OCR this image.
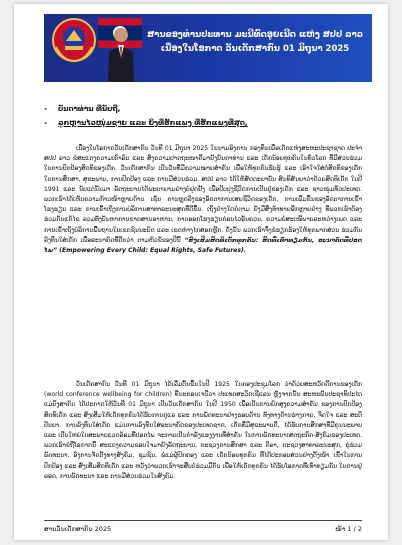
ສານຂອງທ່ານປະທານ ມະນີທົດອູຍເນີດ ແຫ່ງ ສປປ ລາວ
ເນື່ອງໃນໂອກາດ ວັນເດັກສາກົນ 01 ມິຖຸນາ 2025
- ບັນດາທ່ານ ທີ່ນັບຖື,
- ລູກຫຼານໄວໜຸ່ມຊາຍ ແລະ ຍິງທີ່ຮັກແພງ ທີ່ຮັກແພງທີ່ສຸດ,
ເນື່ອງໃນໂອກາດວັນເດັກສາກົນ ວັນທີ 01 ມິຖຸນາ 2025 ໃນນາມອົງການ ກອງທຶນເພື່ອເດັກແຫ່ງສະຫະປະຊາຊາດ ປະຈຳ ສປປ ລາວ ຂໍສະແດງຄວາມເຄົາລົບ ແລະ ສົ່ງຄວາມປາດຖະໜາດີມາຍັງບັນດາທ່ານ ແລະ ເດັກນ້ອຍທຸກຄົນໃນທົ່ວໂລກ ທີ່ມີສ່ວນຮ່ວມໃນການປົກປ້ອງສິດທິຂອງເດັກ. ວັນເດັກສາກົນ ເປັນວັນທີ່ມີຄວາມໝາຍສຳຄັນ ເພື່ອໃຫ້ທຸກຄົນຮັບຮູ້ ແລະ ເອົາໃຈໃສ່ຕໍ່ສິດທິຂອງເດັກ ໃນການສຶກສາ, ສຸຂະພາບ, ການປົກປ້ອງ ແລະ ການມີສ່ວນຮ່ວມ. ສປປ ລາວ ໄດ້ໃຫ້ສັດຕະຍາບັນ ສົນທິສັນຍາວ່າດ້ວຍສິດທິເດັກ ໃນປີ 1991 ແລະ ນັບແຕ່ນັ້ນມາ ລັດຖະບານໄດ້ພະຍາຍາມຢ່າງບໍ່ຢຸດຢັ້ງ ເພື່ອປັບປຸງຊີວິດການເປັນຢູ່ຂອງເດັກ ແລະ ຊາວໜຸ່ມທົ່ວປະເທດ. ພວກເຮົາໄດ້ເຫັນຄວາມກ້າວໜ້າຫຼາຍດ້ານ ເຊັ່ນ ການຫຼຸດລົງຂອງອັດຕາການເສຍຊີວິດຂອງເດັກ, ການເພີ່ມຂຶ້ນຂອງອັດຕາການເຂົ້າໂຮງຮຽນ ແລະ ການເຂົ້າເຖິງການບໍລິການສາທາລະນະສຸກທີ່ດີຂຶ້ນ. ເຖິງຢ່າງໃດກໍຕາມ ຍັງມີສິ່ງທ້າທາຍອີກຫຼາຍຢ່າງ ທີ່ພວກເຮົາຕ້ອງຮ່ວມກັນແກ້ໄຂ ລວມທັງບັນຫາການຂາດສານອາຫານ, ການອອກໂຮງຮຽນກ່ອນໄວອັນຄວນ, ຄວາມບໍ່ສະເໝີພາບລະຫວ່າງເພດ ແລະ ການເຂົ້າເຖິງບໍລິການພື້ນຖານໃນເຂດຊົນນະບົດ ແລະ ເຂດຫ່າງໄກສອກຫຼີກ. ດັ່ງນັ້ນ ພວກເຮົາຈຶ່ງຂໍຮຽກຮ້ອງໃຫ້ທຸກພາກສ່ວນ ຮ່ວມກັນລົງທຶນໃສ່ເດັກ ເພື່ອອະນາຄົດທີ່ດີກວ່າ ຕາມຫົວຂໍ້ຂອງປີນີ້ “ສົ່ງເສີມສິດທິເດັກທຸກຄົນ: ສິດທີ່ເທົ່າທຽມກັນ, ອະນາຄົດທີ່ປອດໄພ” (Empowering Every Child: Equal Rights, Safe Futures).
ວັນເດັກສາກົນ ວັນທີ 01 ມິຖຸນາ ໄດ້ເລີ່ມຕົ້ນຂຶ້ນໃນປີ 1925 ໃນກອງປະຊຸມໂລກ ວ່າດ້ວຍສະຫວັດດີການຂອງເດັກ (world conference wellbeing for children) ທີ່ນະຄອນເຈນີວາ ປະເທດສະວິດເຊີແລນ ຫຼັງຈາກນັ້ນ ສະຫະພັນປະຊາທິປະໄຕແມ່ຍິງສາກົນ ໄດ້ປະກາດໃຫ້ວັນທີ 01 ມິຖຸນາ ເປັນວັນເດັກສາກົນ ໃນປີ 1950 ເພື່ອເປັນການຍົກສູງຄວາມສຳຄັນ ຂອງການປົກປ້ອງສິດທິເດັກ ແລະ ສົ່ງເສີມໃຫ້ເດັກທຸກຄົນໄດ້ຮັບການດູແລ ແລະ ການພັດທະນາຢ່າງຮອບດ້ານ ທັງທາງດ້ານຮ່າງກາຍ, ຈິດໃຈ ແລະ ສະຕິປັນຍາ. ການລົງທຶນໃສ່ເດັກ ແມ່ນການລົງທຶນໃສ່ອະນາຄົດຂອງປະເທດຊາດ, ເດັກທີ່ມີສຸຂະພາບດີ, ໄດ້ຮັບການສຶກສາທີ່ມີຄຸນນະພາບ ແລະ ເຕີບໃຫຍ່ໃນສະພາບແວດລ້ອມທີ່ປອດໄພ ຈະກາຍເປັນກຳລັງແຮງງານທີ່ສຳຄັນ ໃນການພັດທະນາເສດຖະກິດ-ສັງຄົມຂອງປະເທດ. ພວກເຮົາຂໍຖືໂອກາດນີ້ ສະແດງຄວາມຂອບໃຈມາຍັງລັດຖະບານ, ກະຊວງການສຶກສາ ແລະ ກິລາ, ກະຊວງສາທາລະນະສຸກ, ຄູ່ຮ່ວມພັດທະນາ, ອົງການຈັດຕັ້ງທາງສັງຄົມ, ຊຸມຊົນ, ພໍ່ແມ່ຜູ້ປົກຄອງ ແລະ ເດັກນ້ອຍທຸກຄົນ ທີ່ໄດ້ປະກອບສ່ວນຢ່າງຕັ້ງໜ້າ ເຂົ້າໃນການປົກປ້ອງ ແລະ ສົ່ງເສີມສິດທິເດັກ ແລະ ຫວັງວ່າພວກເຮົາຈະສືບຕໍ່ຮ່ວມມືກັນ ເພື່ອໃຫ້ເດັກທຸກຄົນ ໄດ້ຮັບໂອກາດທີ່ເທົ່າທຽມກັນ ໃນການຢູ່ລອດ, ການພັດທະນາ ແລະ ການມີສ່ວນຮ່ວມໃນສັງຄົມ.
ສານວັນເດັກສາກົນ 2025	ໜ້າ 1 / 2
